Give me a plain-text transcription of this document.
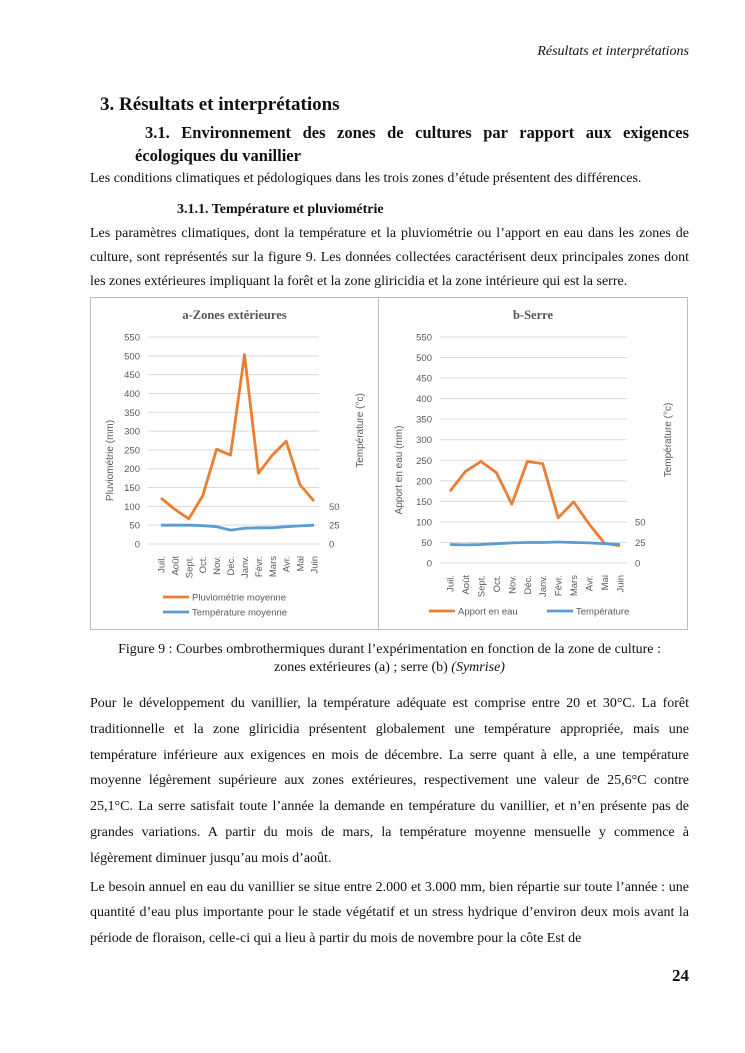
Résultats et interprétations
3. Résultats et interprétations
3.1. Environnement des zones de cultures par rapport aux exigences
écologiques du vanillier
Les conditions climatiques et pédologiques dans les trois zones d’étude présentent des différences.
3.1.1. Température et pluviométrie
Les paramètres climatiques, dont la température et la pluviométrie ou l’apport en eau dans les zones de culture, sont représentés sur la figure 9. Les données collectées caractérisent deux principales zones dont les zones extérieures impliquant la forêt et la zone gliricidia et la zone intérieure qui est la serre.
a-Zones extérieures
0
50
100
150
200
250
300
350
400
450
500
550
0
25
50
Pluviométrie (mm)	Température (°c)
Juil. Août Sept. Oct. Nov. Déc. Janv. Févr. Mars Avr. Mai Juin
Pluviométrie moyenne
Température moyenne
b-Serre
0
50
100
150
200
250
300
350
400
450
500
550
0
25
50
Apport en eau (mm)	Température (°c)
Juil. Août Sept. Oct. Nov. Déc. Janv. Févr. Mars Avr. Mai Juin
Apport en eau	Température
Figure 9 : Courbes ombrothermiques durant l’expérimentation en fonction de la zone de culture :
zones extérieures (a) ; serre (b) (Symrise)
Pour le développement du vanillier, la température adéquate est comprise entre 20 et 30°C. La forêt traditionnelle et la zone gliricidia présentent globalement une température appropriée, mais une température inférieure aux exigences en mois de décembre. La serre quant à elle, a une température moyenne légèrement supérieure aux zones extérieures, respectivement une valeur de 25,6°C contre 25,1°C. La serre satisfait toute l’année la demande en température du vanillier, et n’en présente pas de grandes variations. A partir du mois de mars, la température moyenne mensuelle y commence à légèrement diminuer jusqu’au mois d’août.
Le besoin annuel en eau du vanillier se situe entre 2.000 et 3.000 mm, bien répartie sur toute l’année : une quantité d’eau plus importante pour le stade végétatif et un stress hydrique d’environ deux mois avant la période de floraison, celle-ci qui a lieu à partir du mois de novembre pour la côte Est de
24
